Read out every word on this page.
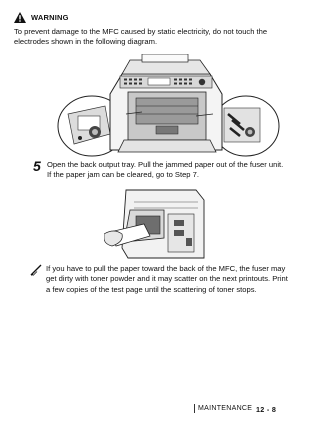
WARNING
To prevent damage to the MFC caused by static electricity, do not touch the electrodes shown in the following diagram.
5 Open the back output tray. Pull the jammed paper out of the fuser unit. If the paper jam can be cleared, go to Step 7.
If you have to pull the paper toward the back of the MFC, the fuser may get dirty with toner powder and it may scatter on the next printouts. Print a few copies of the test page until the scattering of toner stops.
MAINTENANCE 12 - 8
